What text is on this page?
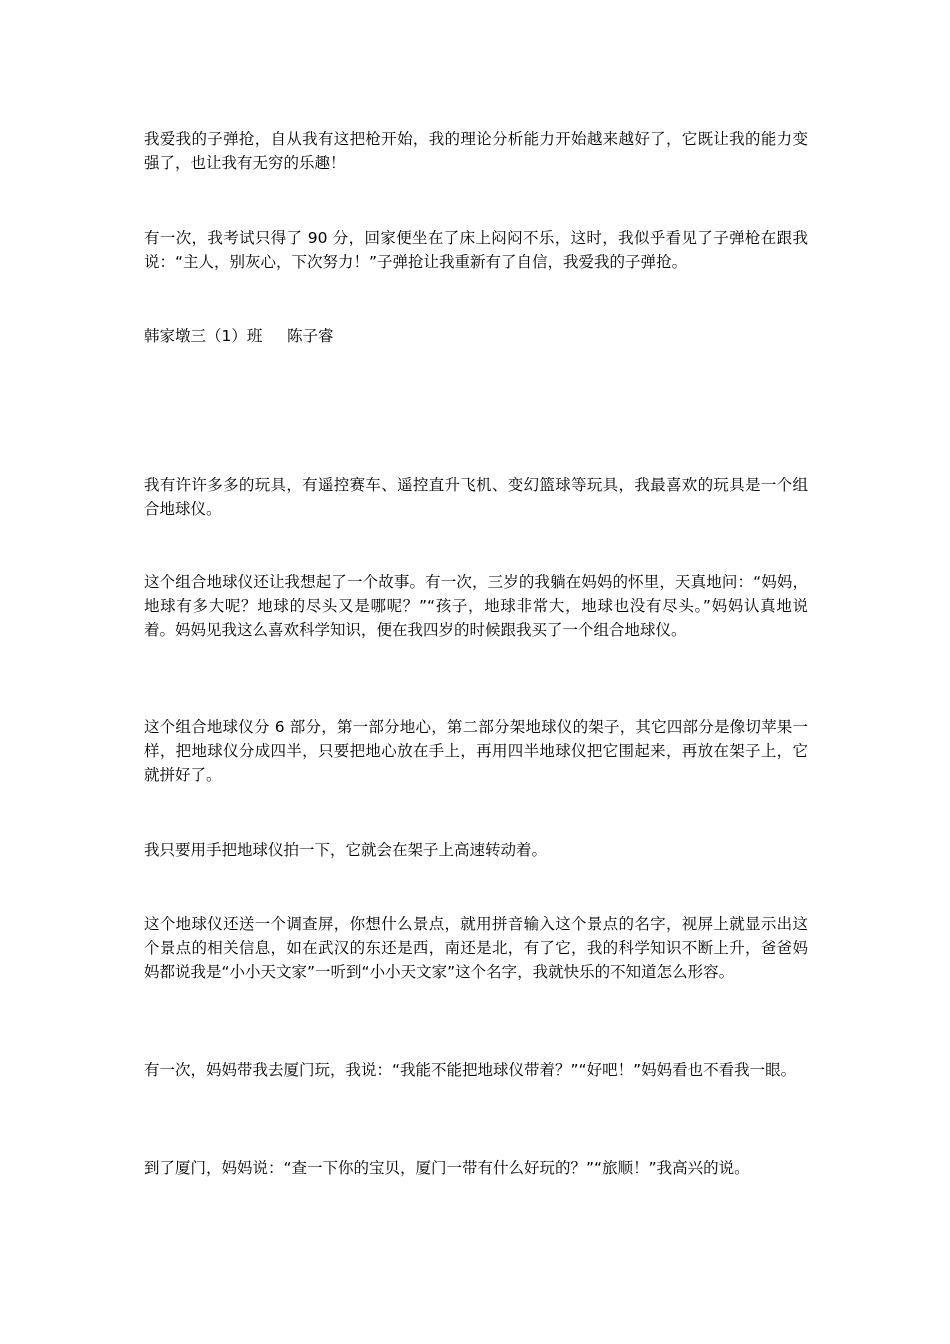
我爱我的子弹抢，自从我有这把枪开始，我的理论分析能力开始越来越好了，它既让我的能力变强了，也让我有无穷的乐趣！

有一次，我考试只得了 90 分，回家便坐在了床上闷闷不乐，这时，我似乎看见了子弹枪在跟我说：“主人，别灰心，下次努力！”子弹抢让我重新有了自信，我爱我的子弹抢。

韩家墩三（1）班 陈子睿

我有许许多多的玩具，有遥控赛车、遥控直升飞机、变幻篮球等玩具，我最喜欢的玩具是一个组合地球仪。

这个组合地球仪还让我想起了一个故事。有一次，三岁的我躺在妈妈的怀里，天真地问：“妈妈，地球有多大呢？地球的尽头又是哪呢？”“孩子，地球非常大，地球也没有尽头。”妈妈认真地说着。妈妈见我这么喜欢科学知识，便在我四岁的时候跟我买了一个组合地球仪。

这个组合地球仪分 6 部分，第一部分地心，第二部分架地球仪的架子，其它四部分是像切苹果一样，把地球仪分成四半，只要把地心放在手上，再用四半地球仪把它围起来，再放在架子上，它就拼好了。

我只要用手把地球仪拍一下，它就会在架子上高速转动着。

这个地球仪还送一个调查屏，你想什么景点，就用拼音输入这个景点的名字，视屏上就显示出这个景点的相关信息，如在武汉的东还是西，南还是北，有了它，我的科学知识不断上升，爸爸妈妈都说我是“小小天文家”一听到“小小天文家”这个名字，我就快乐的不知道怎么形容。

有一次，妈妈带我去厦门玩，我说：“我能不能把地球仪带着？”“好吧！”妈妈看也不看我一眼。

到了厦门，妈妈说：“查一下你的宝贝，厦门一带有什么好玩的？”“旅顺！”我高兴的说。
